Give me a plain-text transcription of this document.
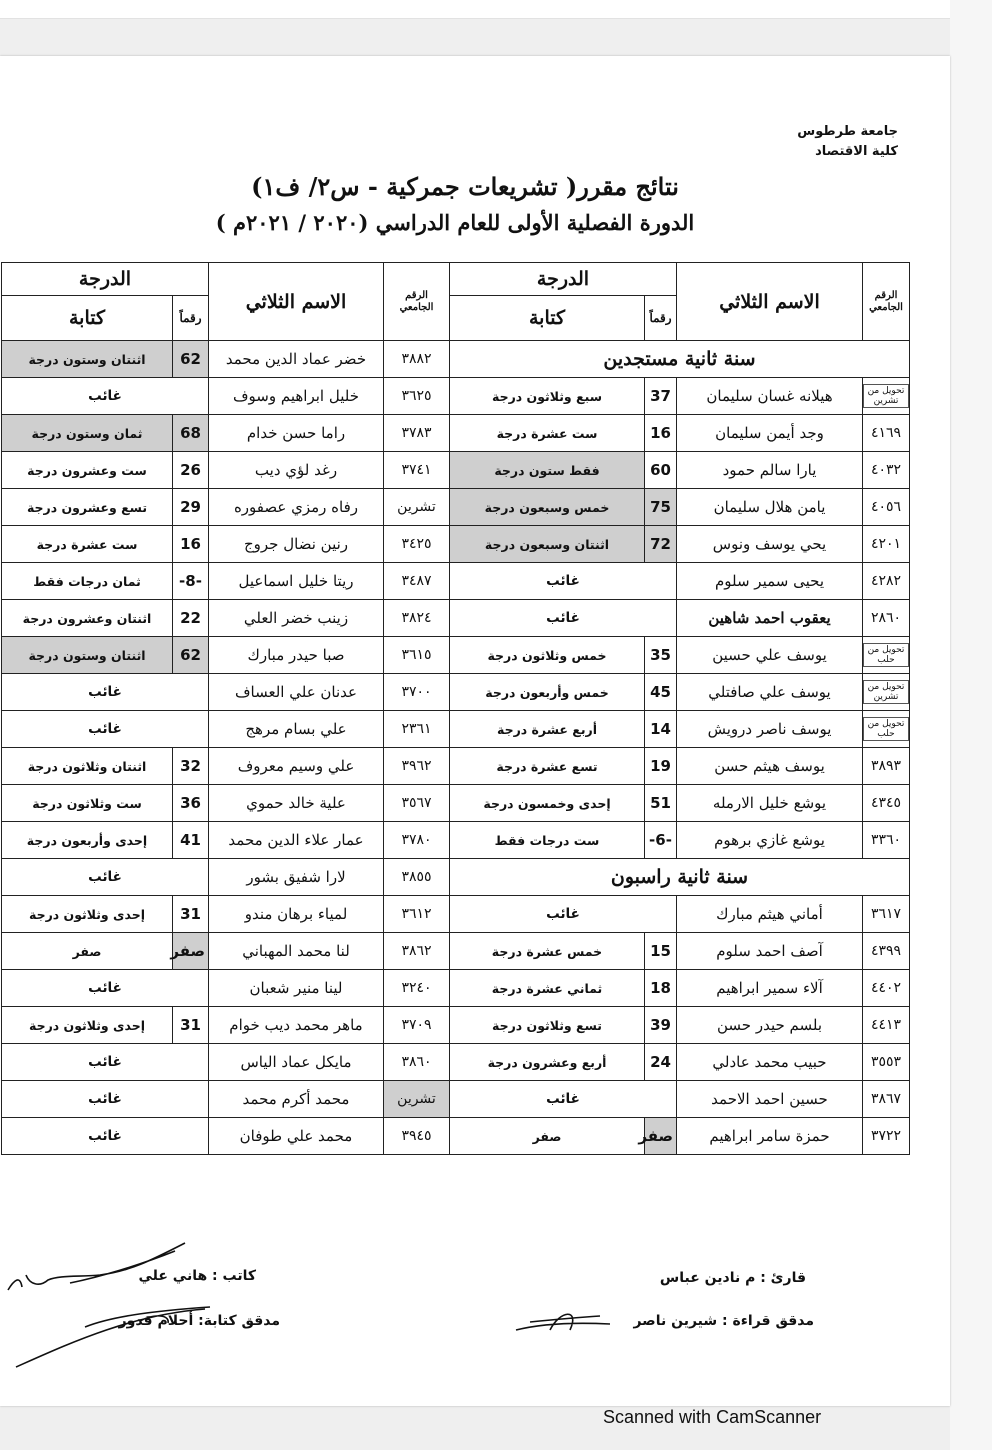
جامعة طرطوس
كلية الاقتصاد
نتائج مقرر( تشريعات جمركية - س٢/ ف١)
الدورة الفصلية الأولى للعام الدراسي (٢٠٢٠ / ٢٠٢١م )
الرقم الجامعي	الاسم الثلاثي	الدرجة		الرقم الجامعي	الاسم الثلاثي	الدرجة	
		رقماً	كتابة			رقماً	كتابة
سنة ثانية مستجدين				٣٨٨٢	خضر عماد الدين محمد	62	اثنتان وستون درجة
تحويل من تشرين	هيلانه غسان سليمان	37	سبع وثلاثون درجة	٣٦٢٥	خليل ابراهيم وسوف	غائب	
٤١٦٩	وجد أيمن سليمان	16	ست عشرة درجة	٣٧٨٣	راما حسن خدام	68	ثمان وستون درجة
٤٠٣٢	يارا سالم حمود	60	فقط ستون درجة	٣٧٤١	رغد لؤي ديب	26	ست وعشرون درجة
٤٠٥٦	يامن هلال سليمان	75	خمس وسبعون درجة	تشرين	رفاه رمزي عصفوره	29	تسع وعشرون درجة
٤٢٠١	يحي يوسف ونوس	72	اثنتان وسبعون درجة	٣٤٢٥	رنين نضال جروج	16	ست عشرة درجة
٤٢٨٢	يحيى سمير سلوم	غائب		٣٤٨٧	ريتا خليل اسماعيل	-8-	ثمان درجات فقط
٢٨٦٠	يعقوب احمد شاهين	غائب		٣٨٢٤	زينب خضر العلي	22	اثنتان وعشرون درجة
تحويل من حلب	يوسف علي حسين	35	خمس وثلاثون درجة	٣٦١٥	صبا حيدر مبارك	62	اثنتان وستون درجة
تحويل من تشرين	يوسف علي صافتلي	45	خمس وأربعون درجة	٣٧٠٠	عدنان علي العساف	غائب	
تحويل من حلب	يوسف ناصر درويش	14	أربع عشرة درجة	٢٣٦١	علي بسام مرهج	غائب	
٣٨٩٣	يوسف هيثم حسن	19	تسع عشرة درجة	٣٩٦٢	علي وسيم معروف	32	اثنتان وثلاثون درجة
٤٣٤٥	يوشع خليل الارمله	51	إحدى وخمسون درجة	٣٥٦٧	علية خالد حموي	36	ست وثلاثون درجة
٣٣٦٠	يوشع غازي برهوم	-6-	ست درجات فقط	٣٧٨٠	عمار علاء الدين محمد	41	إحدى وأربعون درجة
سنة ثانية راسبون				٣٨٥٥	لارا شفيق بشور	غائب	
٣٦١٧	أماني هيثم مبارك	غائب		٣٦١٢	لمياء برهان مندو	31	إحدى وثلاثون درجة
٤٣٩٩	آصف احمد سلوم	15	خمس عشرة درجة	٣٨٦٢	لنا محمد المهباني	صفر	صفر
٤٤٠٢	آلاء سمير ابراهيم	18	ثماني عشرة درجة	٣٢٤٠	لينا منير شعبان	غائب	
٤٤١٣	بلسم حيدر حسن	39	تسع وثلاثون درجة	٣٧٠٩	ماهر محمد ديب خوام	31	إحدى وثلاثون درجة
٣٥٥٣	حبيب محمد عادلي	24	أربع وعشرون درجة	٣٨٦٠	مايكل عماد الياس	غائب	
٣٨٦٧	حسين احمد الاحمد	غائب		تشرين	محمد أكرم محمد	غائب	
٣٧٢٢	حمزة سامر ابراهيم	صفر	صفر	٣٩٤٥	محمد علي طوفان	غائب	
كاتب : هاني علي
مدقق كتابة: أحلام قدور
قارئ : م نادين عباس
مدقق قراءة : شيرين ناصر
Scanned with CamScanner
